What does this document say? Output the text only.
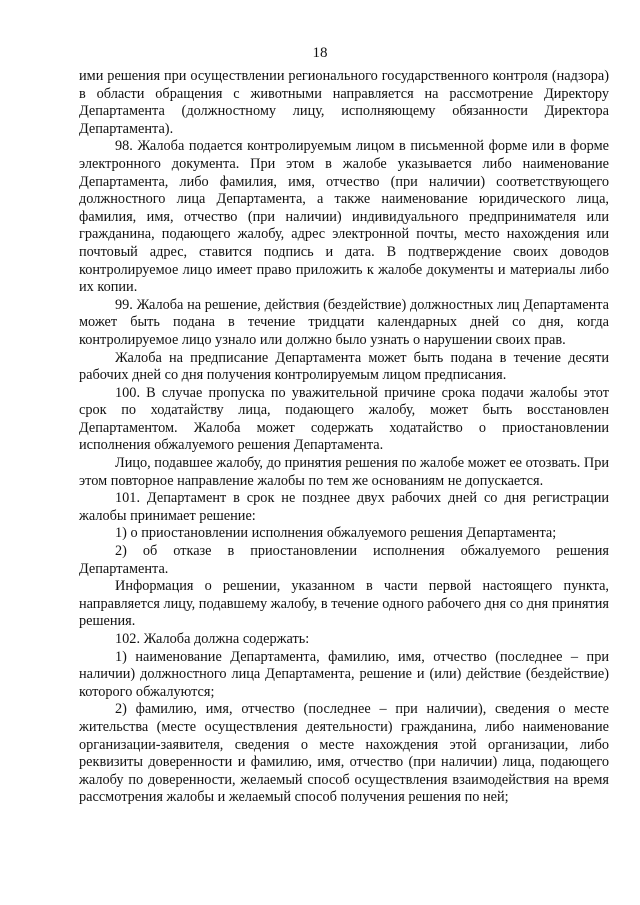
18

ими решения при осуществлении регионального государственного контроля (надзора) в области обращения с животными направляется на рассмотрение Директору Департамента (должностному лицу, исполняющему обязанности Директора Департамента).

98. Жалоба подается контролируемым лицом в письменной форме или в форме электронного документа. При этом в жалобе указывается либо наименование Департамента, либо фамилия, имя, отчество (при наличии) соответствующего должностного лица Департамента, а также наименование юридического лица, фамилия, имя, отчество (при наличии) индивидуального предпринимателя или гражданина, подающего жалобу, адрес электронной почты, место нахождения или почтовый адрес, ставится подпись и дата. В подтверждение своих доводов контролируемое лицо имеет право приложить к жалобе документы и материалы либо их копии.

99. Жалоба на решение, действия (бездействие) должностных лиц Департамента может быть подана в течение тридцати календарных дней со дня, когда контролируемое лицо узнало или должно было узнать о нарушении своих прав.

Жалоба на предписание Департамента может быть подана в течение десяти рабочих дней со дня получения контролируемым лицом предписания.

100. В случае пропуска по уважительной причине срока подачи жалобы этот срок по ходатайству лица, подающего жалобу, может быть восстановлен Департаментом. Жалоба может содержать ходатайство о приостановлении исполнения обжалуемого решения Департамента.

Лицо, подавшее жалобу, до принятия решения по жалобе может ее отозвать. При этом повторное направление жалобы по тем же основаниям не допускается.

101. Департамент в срок не позднее двух рабочих дней со дня регистрации жалобы принимает решение:

1) о приостановлении исполнения обжалуемого решения Департамента;

2) об отказе в приостановлении исполнения обжалуемого решения Департамента.

Информация о решении, указанном в части первой настоящего пункта, направляется лицу, подавшему жалобу, в течение одного рабочего дня со дня принятия решения.

102. Жалоба должна содержать:

1) наименование Департамента, фамилию, имя, отчество (последнее – при наличии) должностного лица Департамента, решение и (или) действие (бездействие) которого обжалуются;

2) фамилию, имя, отчество (последнее – при наличии), сведения о месте жительства (месте осуществления деятельности) гражданина, либо наименование организации-заявителя, сведения о месте нахождения этой организации, либо реквизиты доверенности и фамилию, имя, отчество (при наличии) лица, подающего жалобу по доверенности, желаемый способ осуществления взаимодействия на время рассмотрения жалобы и желаемый способ получения решения по ней;
